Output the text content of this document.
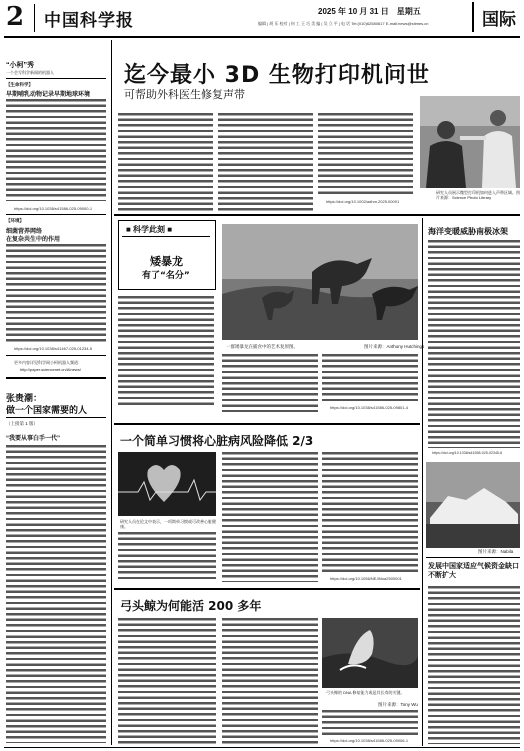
2 中国科学报	2025 年 10 月 31 日　星期五
编辑 | 胡 乐 校对 | 何 工 王 巧 美 编 | 吴 立 平 | 电 话 Tel:(010)62580617 E-mail:news@stimes.cn	国际
“小柯”秀
一个会写科学新闻的机器人
【生命科学】
早期哺乳动物记录早期地球环境
https://doi.org/10.1038/s41586-025-09000-1
【环境】
细菌营养网络
在复杂共生中的作用
https://doi.org/10.1038/s41467-025-01234-5
更多内容详见科学网小柯机器人频道：
http://paper.sciencenet.cn/AInews/
张贵潮：
做一个国家需要的人
（上接第 1 版）
“我要从事白手一代”
迄今最小 3D 生物打印机问世
可帮助外科医生修复声带
https://doi.org/10.1002/adhm.2025.00001
研究人员展示微型打印机如何进入声带区域。图片来源：Science Photo Library
■ 科学此刻 ■
矮暴龙
有了“名分”
一群矮暴龙在捕食中的艺术复原图。	图片来源：Anthony Hutchings
https://doi.org/10.1038/s41586-025-09801-4
海洋变暖威胁南极冰架
https://doi.org/10.1038/s41558-025-02345-6
图片来源：Nabila
发展中国家适应气候资金缺口不断扩大
一个简单习惯将心脏病风险降低 2/3
研究人员在论文中表示，一项简单习惯或可改善心脏健康。
https://doi.org/10.1056/NEJMoa2500001
弓头鲸为何能活 200 多年
弓头鲸的 DNA 修复能力或是其长寿的关键。
图片来源：Tony Wu
https://doi.org/10.1038/s41586-025-09006-1
